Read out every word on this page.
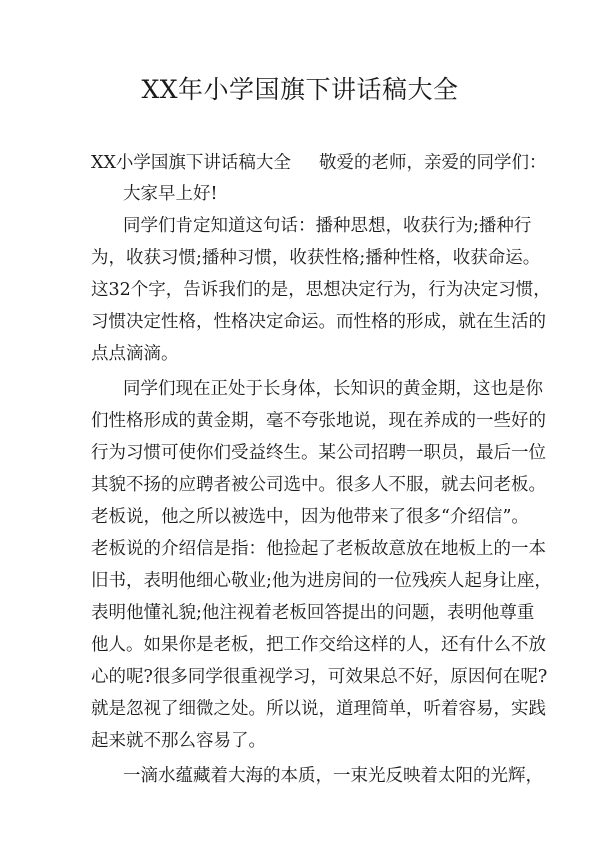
XX年小学国旗下讲话稿大全
XX小学国旗下讲话稿大全 敬爱的老师，亲爱的同学们：
大家早上好!
同学们肯定知道这句话：播种思想，收获行为;播种行
为，收获习惯;播种习惯，收获性格;播种性格，收获命运。
这32个字，告诉我们的是，思想决定行为，行为决定习惯，
习惯决定性格，性格决定命运。而性格的形成，就在生活的
点点滴滴。
同学们现在正处于长身体，长知识的黄金期，这也是你
们性格形成的黄金期，毫不夸张地说，现在养成的一些好的
行为习惯可使你们受益终生。某公司招聘一职员，最后一位
其貌不扬的应聘者被公司选中。很多人不服，就去问老板。
老板说，他之所以被选中，因为他带来了很多“介绍信”。
老板说的介绍信是指：他捡起了老板故意放在地板上的一本
旧书，表明他细心敬业;他为进房间的一位残疾人起身让座，
表明他懂礼貌;他注视着老板回答提出的问题，表明他尊重
他人。如果你是老板，把工作交给这样的人，还有什么不放
心的呢?很多同学很重视学习，可效果总不好，原因何在呢?
就是忽视了细微之处。所以说，道理简单，听着容易，实践
起来就不那么容易了。
一滴水蕴藏着大海的本质，一束光反映着太阳的光辉，
